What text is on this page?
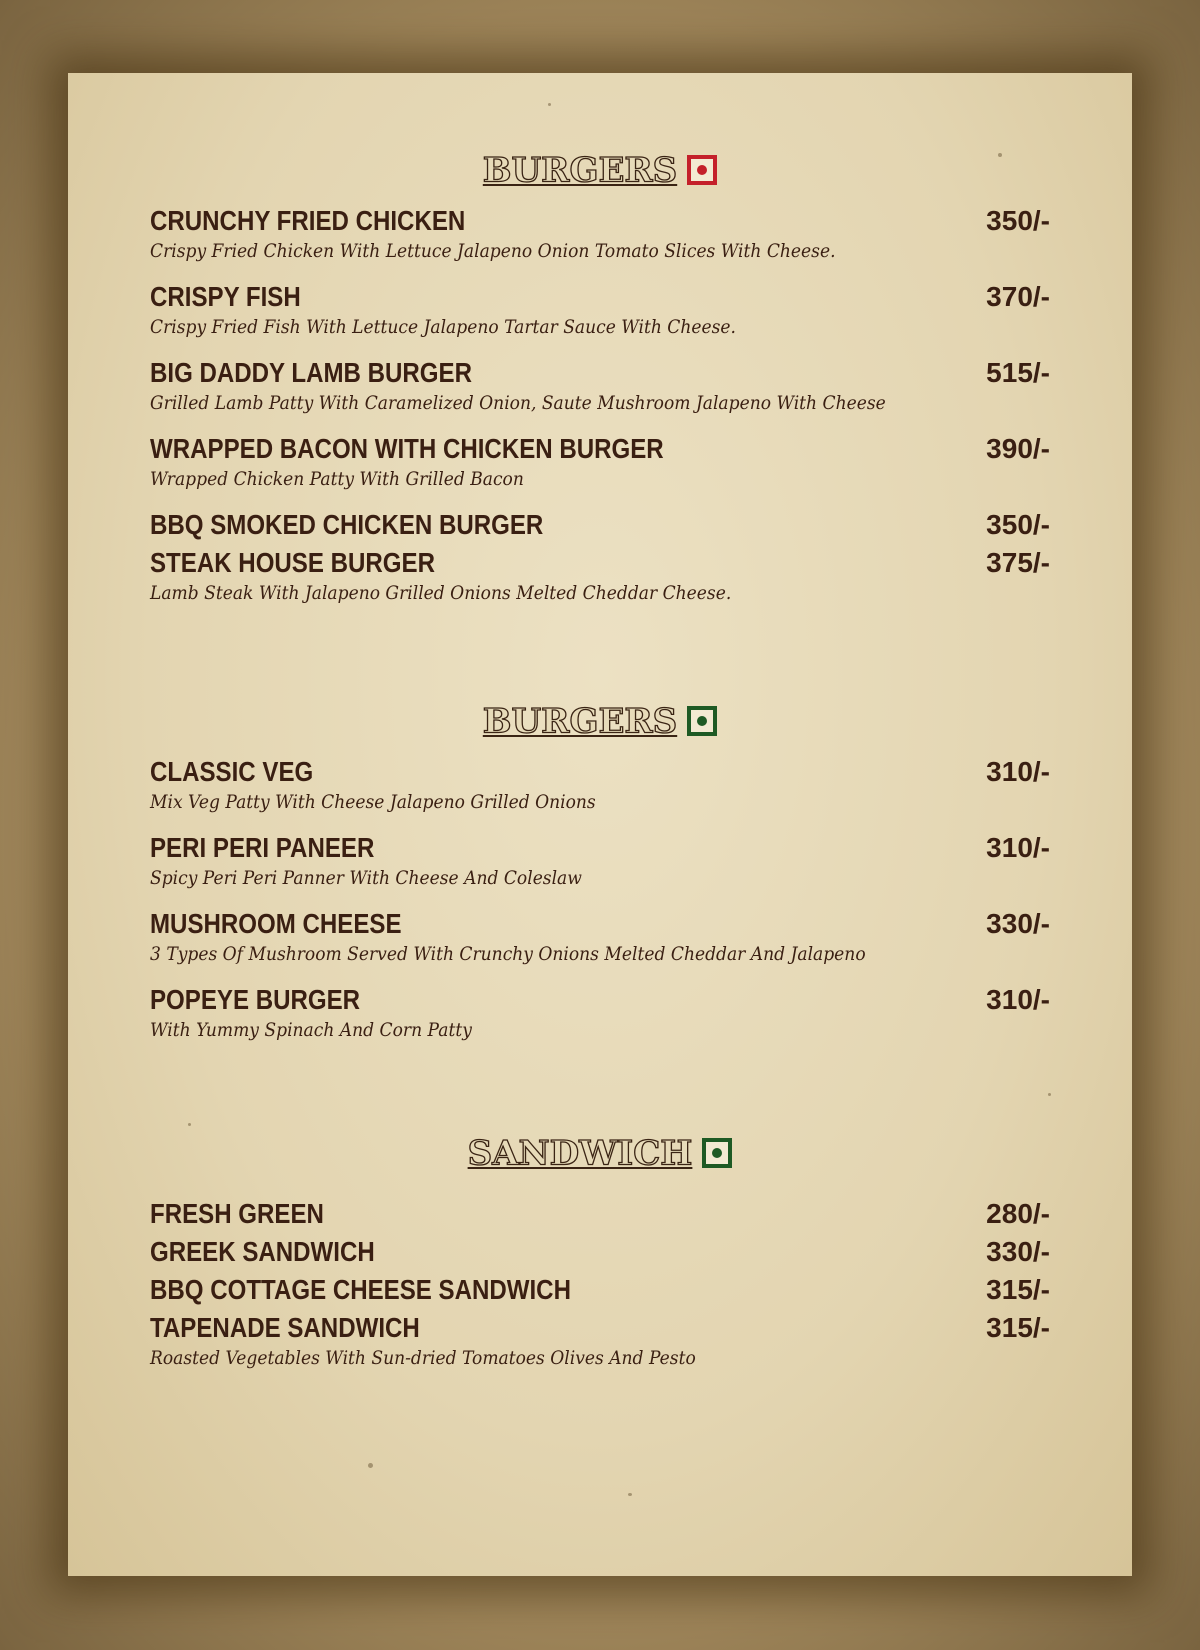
BURGERS
CRUNCHY FRIED CHICKEN	350/-
Crispy Fried Chicken With Lettuce Jalapeno Onion Tomato Slices With Cheese.
CRISPY FISH	370/-
Crispy Fried Fish With Lettuce Jalapeno Tartar Sauce With Cheese.
BIG DADDY LAMB BURGER	515/-
Grilled Lamb Patty With Caramelized Onion, Saute Mushroom Jalapeno With Cheese
WRAPPED BACON WITH CHICKEN BURGER	390/-
Wrapped Chicken Patty With Grilled Bacon
BBQ SMOKED CHICKEN BURGER	350/-
STEAK HOUSE BURGER	375/-
Lamb Steak With Jalapeno Grilled Onions Melted Cheddar Cheese.
BURGERS
CLASSIC VEG	310/-
Mix Veg Patty With Cheese Jalapeno Grilled Onions
PERI PERI PANEER	310/-
Spicy Peri Peri Panner With Cheese And Coleslaw
MUSHROOM CHEESE	330/-
3 Types Of Mushroom Served With Crunchy Onions Melted Cheddar And Jalapeno
POPEYE BURGER	310/-
With Yummy Spinach And Corn Patty
SANDWICH
FRESH GREEN	280/-
GREEK SANDWICH	330/-
BBQ COTTAGE CHEESE SANDWICH	315/-
TAPENADE SANDWICH	315/-
Roasted Vegetables With Sun-dried Tomatoes Olives And Pesto
